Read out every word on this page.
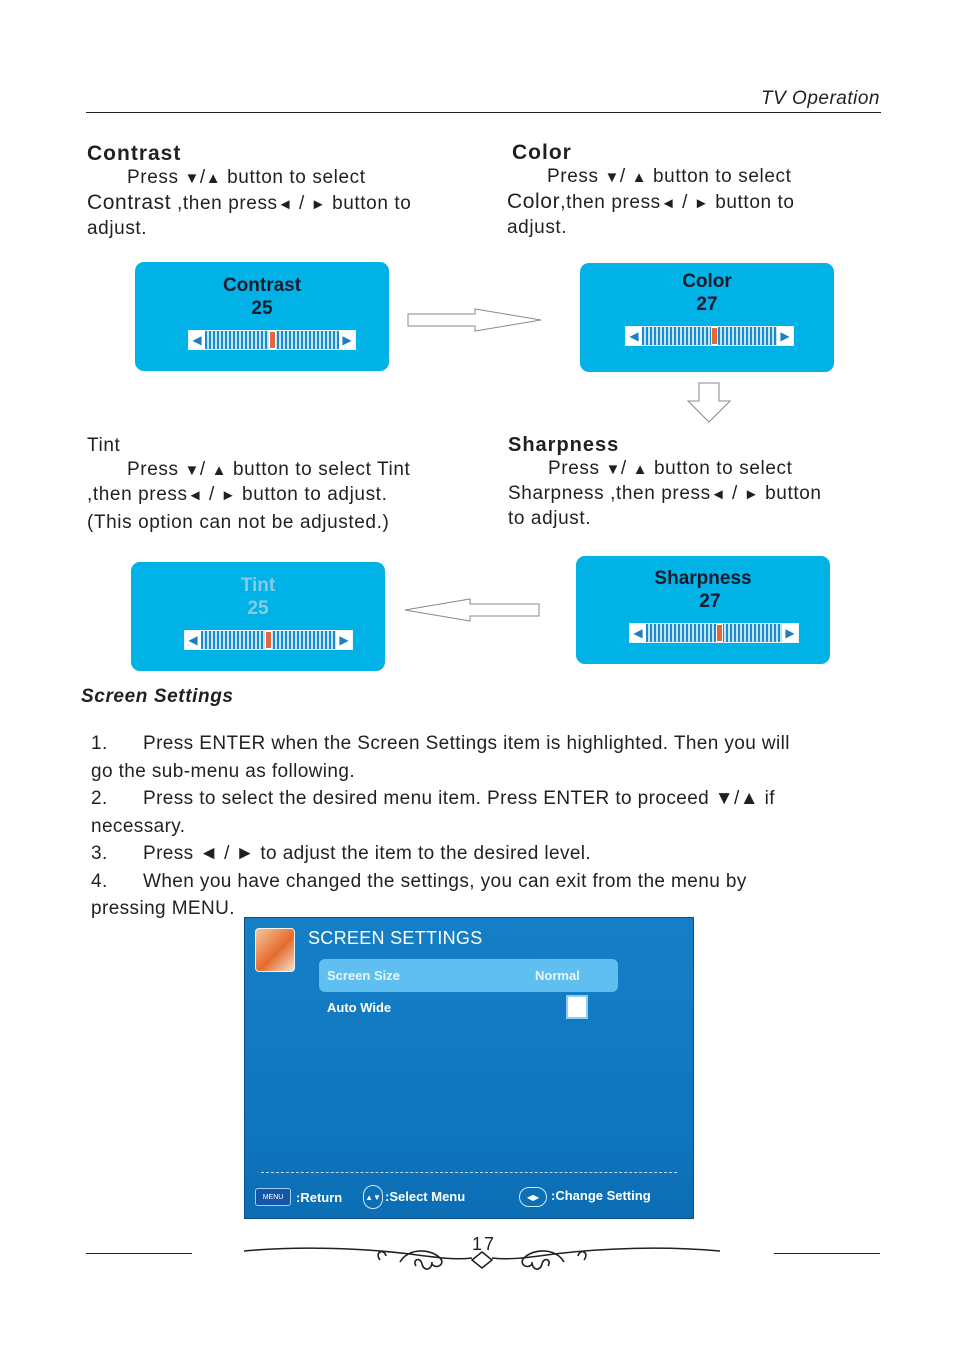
TV Operation
Contrast
Press ▼/▲ button to select
Contrast ,then press◄ / ► button to
adjust.
Color
Press ▼/ ▲ button to select
Color,then press◄ / ► button to
adjust.
Contrast
25
◀	▶
Color
27
◀	▶
Tint
Press ▼/ ▲ button to select Tint
,then press◄ / ► button to adjust.
(This option can not be adjusted.)
Sharpness
Press ▼/ ▲ button to select
Sharpness ,then press◄ / ► button
to adjust.
Tint
25
◀	▶
Sharpness
27
◀	▶
Screen Settings
1.	Press ENTER when the Screen Settings item is highlighted. Then you will
go the sub-menu as following.
2.	Press to select the desired menu item. Press ENTER to proceed ▼/▲ if
necessary.
3.	Press ◄ / ► to adjust the item to the desired level.
4.	When you have changed the settings, you can exit from the menu by
pressing MENU.
SCREEN SETTINGS
Screen Size	Normal
Auto Wide
MENU :Return	▲▼ :Select Menu	◀▶ :Change Setting
17
